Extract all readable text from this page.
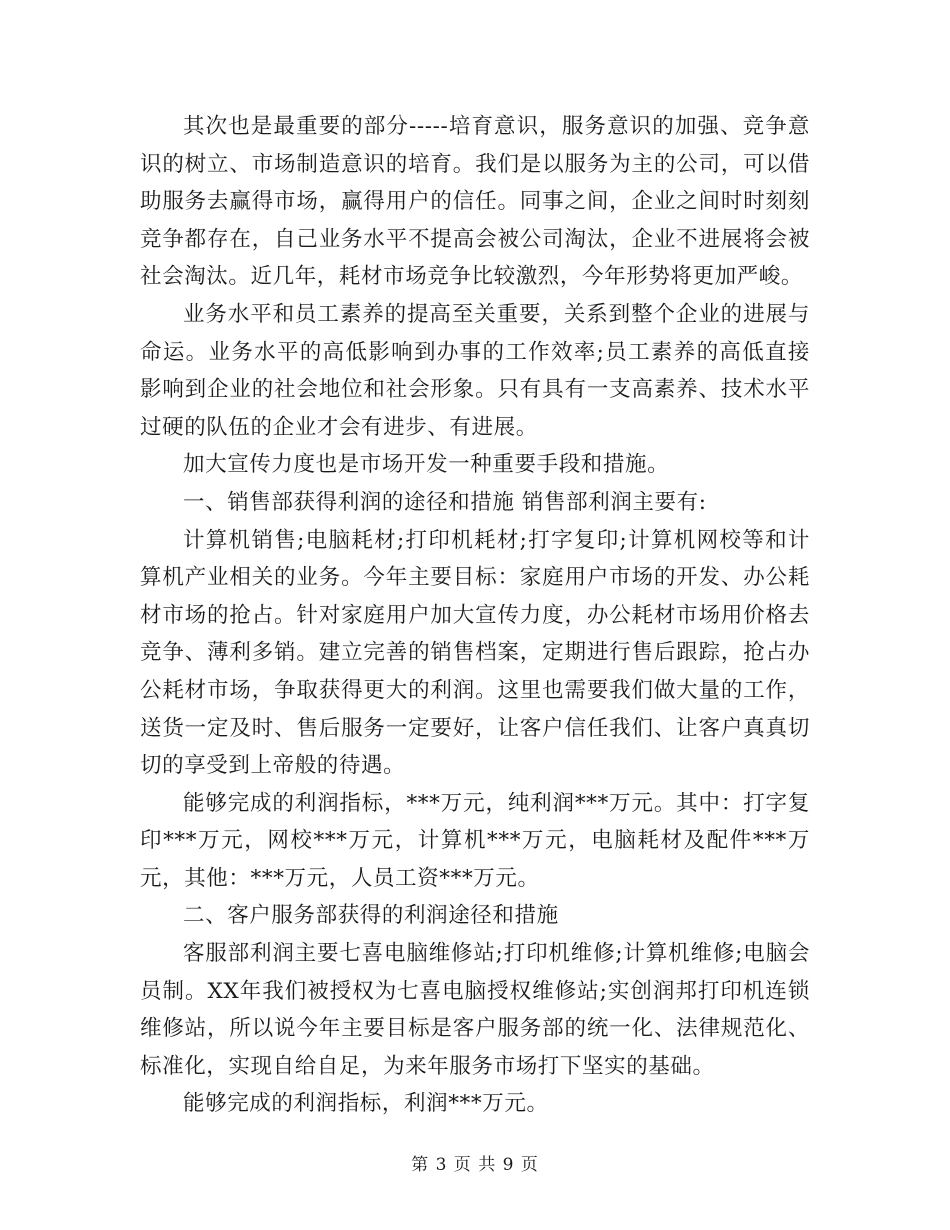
其次也是最重要的部分-----培育意识，服务意识的加强、竞争意识的树立、市场制造意识的培育。我们是以服务为主的公司，可以借助服务去赢得市场，赢得用户的信任。同事之间，企业之间时时刻刻竞争都存在，自己业务水平不提高会被公司淘汰，企业不进展将会被社会淘汰。近几年，耗材市场竞争比较激烈，今年形势将更加严峻。

业务水平和员工素养的提高至关重要，关系到整个企业的进展与命运。业务水平的高低影响到办事的工作效率;员工素养的高低直接影响到企业的社会地位和社会形象。只有具有一支高素养、技术水平过硬的队伍的企业才会有进步、有进展。

加大宣传力度也是市场开发一种重要手段和措施。

一、销售部获得利润的途径和措施 销售部利润主要有:

计算机销售;电脑耗材;打印机耗材;打字复印;计算机网校等和计算机产业相关的业务。今年主要目标：家庭用户市场的开发、办公耗材市场的抢占。针对家庭用户加大宣传力度，办公耗材市场用价格去竞争、薄利多销。建立完善的销售档案，定期进行售后跟踪，抢占办公耗材市场，争取获得更大的利润。这里也需要我们做大量的工作，送货一定及时、售后服务一定要好，让客户信任我们、让客户真真切切的享受到上帝般的待遇。

能够完成的利润指标，***万元，纯利润***万元。其中：打字复印***万元，网校***万元，计算机***万元，电脑耗材及配件***万元，其他：***万元，人员工资***万元。

二、客户服务部获得的利润途径和措施

客服部利润主要七喜电脑维修站;打印机维修;计算机维修;电脑会员制。XX年我们被授权为七喜电脑授权维修站;实创润邦打印机连锁维修站，所以说今年主要目标是客户服务部的统一化、法律规范化、标准化，实现自给自足，为来年服务市场打下坚实的基础。

能够完成的利润指标，利润***万元。

第 3 页 共 9 页
